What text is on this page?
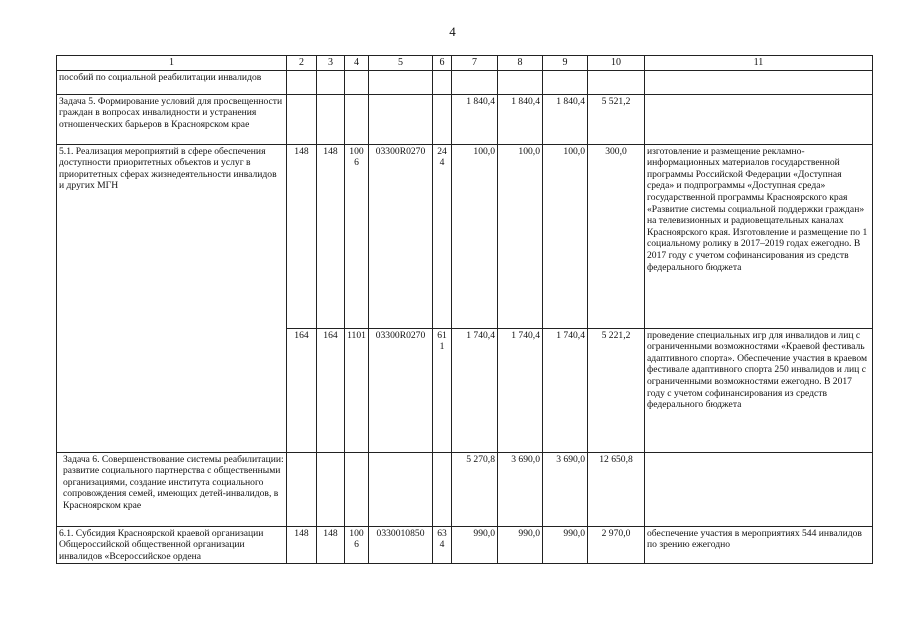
4
1	2	3	4	5	6	7	8	9	10	11
пособий по социальной реабилитации инвалидов										
Задача 5. Формирование условий для просвещенности граждан в вопросах инвалидности и устранения отношенческих барьеров в Красноярском крае						1 840,4	1 840,4	1 840,4	5 521,2	
5.1. Реализация мероприятий в сфере обеспечения доступности приоритетных объектов и услуг в приоритетных сферах жизнедеятельности инвалидов и других МГН	148	148	1006	03300R0270	244	100,0	100,0	100,0	300,0	изготовление и размещение рекламно-информационных материалов государственной программы Российской Федерации «Доступная среда» и подпрограммы «Доступная среда» государственной программы Красноярского края «Развитие системы социальной поддержки граждан» на телевизионных и радиовещательных каналах Красноярского края. Изготовление и размещение по 1 социальному ролику в 2017–2019 годах ежегодно. В 2017 году с учетом софинансирования из средств федерального бюджета
	164	164	1101	03300R0270	611	1 740,4	1 740,4	1 740,4	5 221,2	проведение специальных игр для инвалидов и лиц с ограниченными возможностями «Краевой фестиваль адаптивного спорта». Обеспечение участия в краевом фестивале адаптивного спорта 250 инвалидов и лиц с ограниченными возможностями ежегодно. В 2017 году с учетом софинансирования из средств федерального бюджета
Задача 6. Совершенствование системы реабилитации: развитие социального партнерства с общественными организациями, создание института социального сопровождения семей, имеющих детей-инвалидов, в Красноярском крае						5 270,8	3 690,0	3 690,0	12 650,8	
6.1. Субсидия Красноярской краевой организации Общероссийской общественной организации инвалидов «Всероссийское ордена	148	148	1006	0330010850	634	990,0	990,0	990,0	2 970,0	обеспечение участия в мероприятиях 544 инвалидов по зрению ежегодно
